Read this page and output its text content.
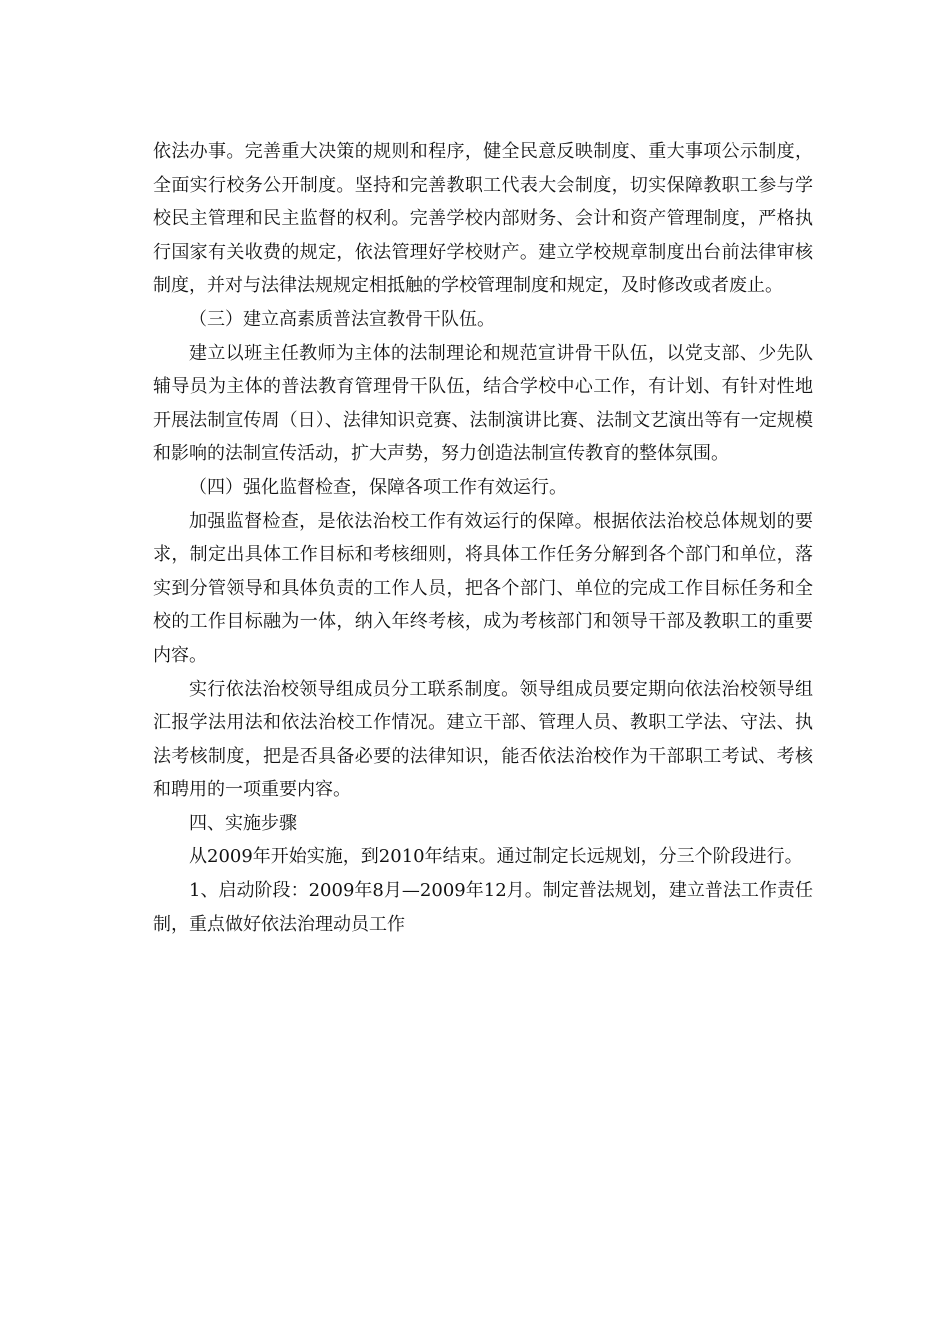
依法办事。完善重大决策的规则和程序，健全民意反映制度、重大事项公示制度，全面实行校务公开制度。坚持和完善教职工代表大会制度，切实保障教职工参与学校民主管理和民主监督的权利。完善学校内部财务、会计和资产管理制度，严格执行国家有关收费的规定，依法管理好学校财产。建立学校规章制度出台前法律审核制度，并对与法律法规规定相抵触的学校管理制度和规定，及时修改或者废止。

（三）建立高素质普法宣教骨干队伍。

建立以班主任教师为主体的法制理论和规范宣讲骨干队伍，以党支部、少先队辅导员为主体的普法教育管理骨干队伍，结合学校中心工作，有计划、有针对性地开展法制宣传周（日）、法律知识竞赛、法制演讲比赛、法制文艺演出等有一定规模和影响的法制宣传活动，扩大声势，努力创造法制宣传教育的整体氛围。

（四）强化监督检查，保障各项工作有效运行。

加强监督检查，是依法治校工作有效运行的保障。根据依法治校总体规划的要求，制定出具体工作目标和考核细则，将具体工作任务分解到各个部门和单位，落实到分管领导和具体负责的工作人员，把各个部门、单位的完成工作目标任务和全校的工作目标融为一体，纳入年终考核，成为考核部门和领导干部及教职工的重要内容。

实行依法治校领导组成员分工联系制度。领导组成员要定期向依法治校领导组汇报学法用法和依法治校工作情况。建立干部、管理人员、教职工学法、守法、执法考核制度，把是否具备必要的法律知识，能否依法治校作为干部职工考试、考核和聘用的一项重要内容。

四、实施步骤

从2009年开始实施，到2010年结束。通过制定长远规划，分三个阶段进行。

1、启动阶段：2009年8月—2009年12月。制定普法规划，建立普法工作责任制，重点做好依法治理动员工作
